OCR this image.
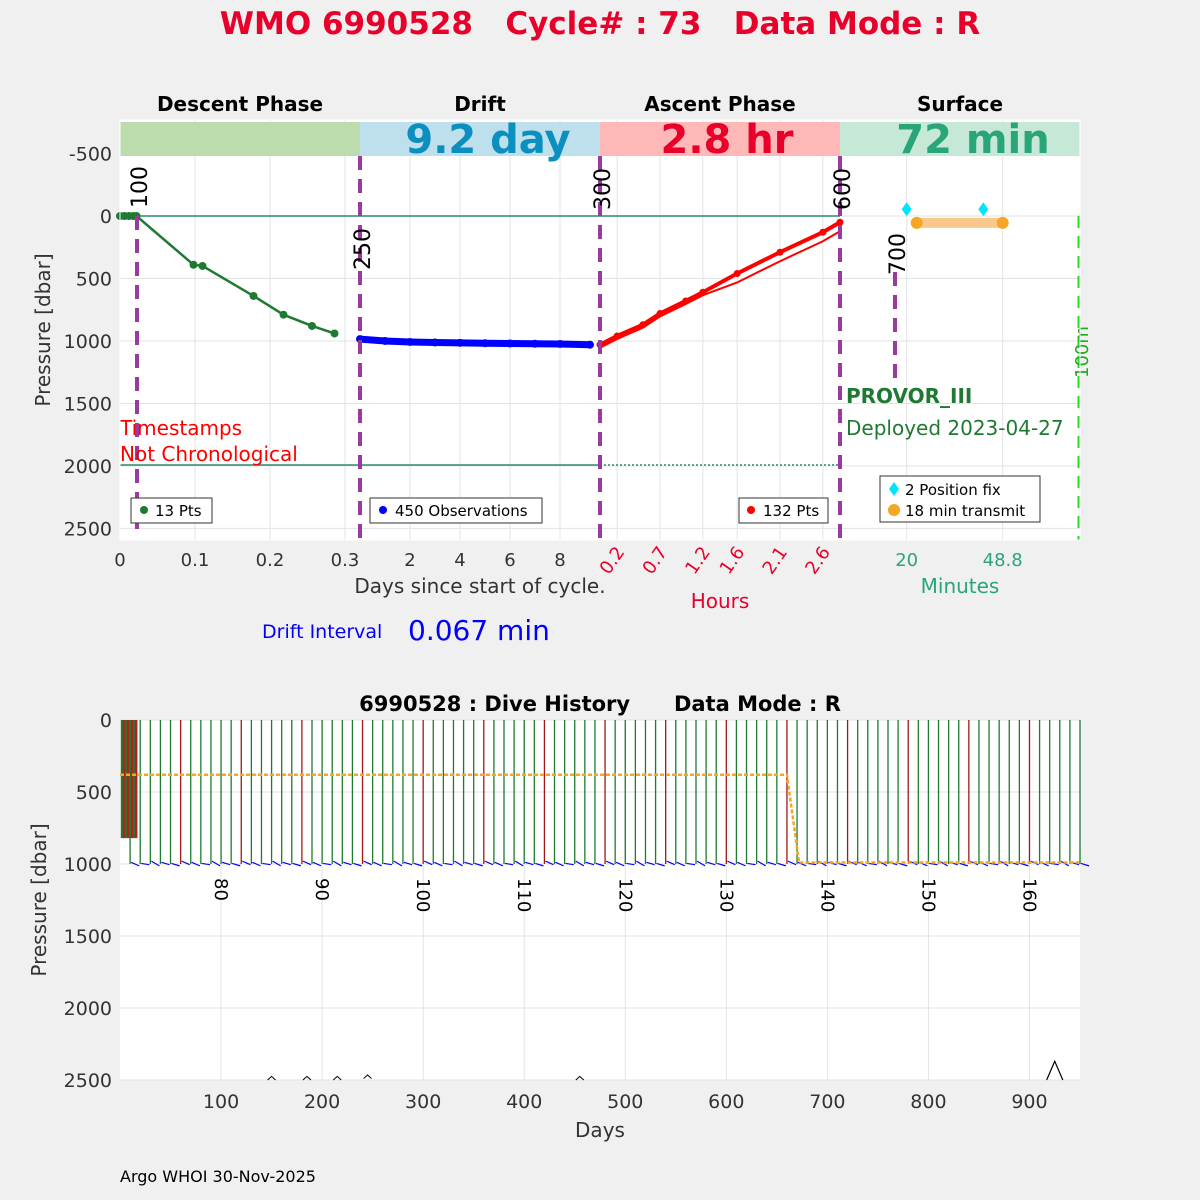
WMO 6990528   Cycle# : 73   Data Mode : R
Descent Phase	Drift	Ascent Phase	Surface
9.2 day 2.8 hr	72 min
100
250
300	600
700
100m
Timestamps
Not Chronological
PROVOR_III
Deployed 2023-04-27
13 Pts	450 Observations	132 Pts
2 Position fix
18 min transmit
-500
0
500
1000
1500
2000
2500
Pressure [dbar]
0	0.1	0.2	0.3 2 4 6 8 0.2 0.7 1.2 1.6 2.1 2.6	20	48.8
Days since start of cycle.
Hours
Minutes
Drift Interval 0.067 min
6990528 : Dive History      Data Mode : R
80	90	100	110	120	130	140	150	160
0
500
1000
1500
2000
2500
100	200	300	400	500	600	700	800	900
Pressure [dbar]
Days
Argo WHOI 30-Nov-2025
